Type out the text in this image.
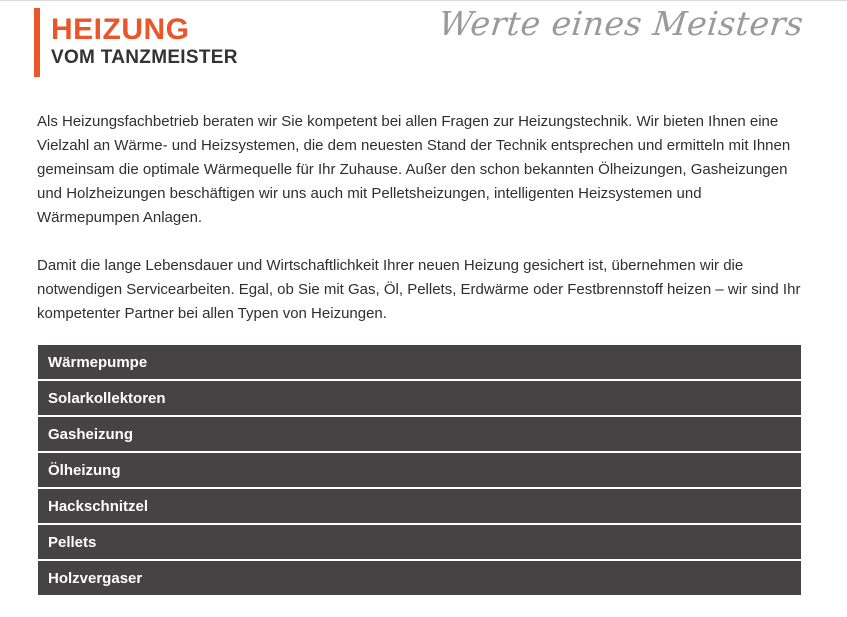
HEIZUNG
VOM TANZMEISTER
Werte eines Meisters

Als Heizungsfachbetrieb beraten wir Sie kompetent bei allen Fragen zur Heizungstechnik. Wir bieten Ihnen eine Vielzahl an Wärme- und Heizsystemen, die dem neuesten Stand der Technik entsprechen und ermitteln mit Ihnen gemeinsam die optimale Wärmequelle für Ihr Zuhause. Außer den schon bekannten Ölheizungen, Gasheizungen und Holzheizungen beschäftigen wir uns auch mit Pelletsheizungen, intelligenten Heizsystemen und Wärmepumpen Anlagen.

Damit die lange Lebensdauer und Wirtschaftlichkeit Ihrer neuen Heizung gesichert ist, übernehmen wir die notwendigen Servicearbeiten. Egal, ob Sie mit Gas, Öl, Pellets, Erdwärme oder Festbrennstoff heizen – wir sind Ihr kompetenter Partner bei allen Typen von Heizungen.

Wärmepumpe
Solarkollektoren
Gasheizung
Ölheizung
Hackschnitzel
Pellets
Holzvergaser
